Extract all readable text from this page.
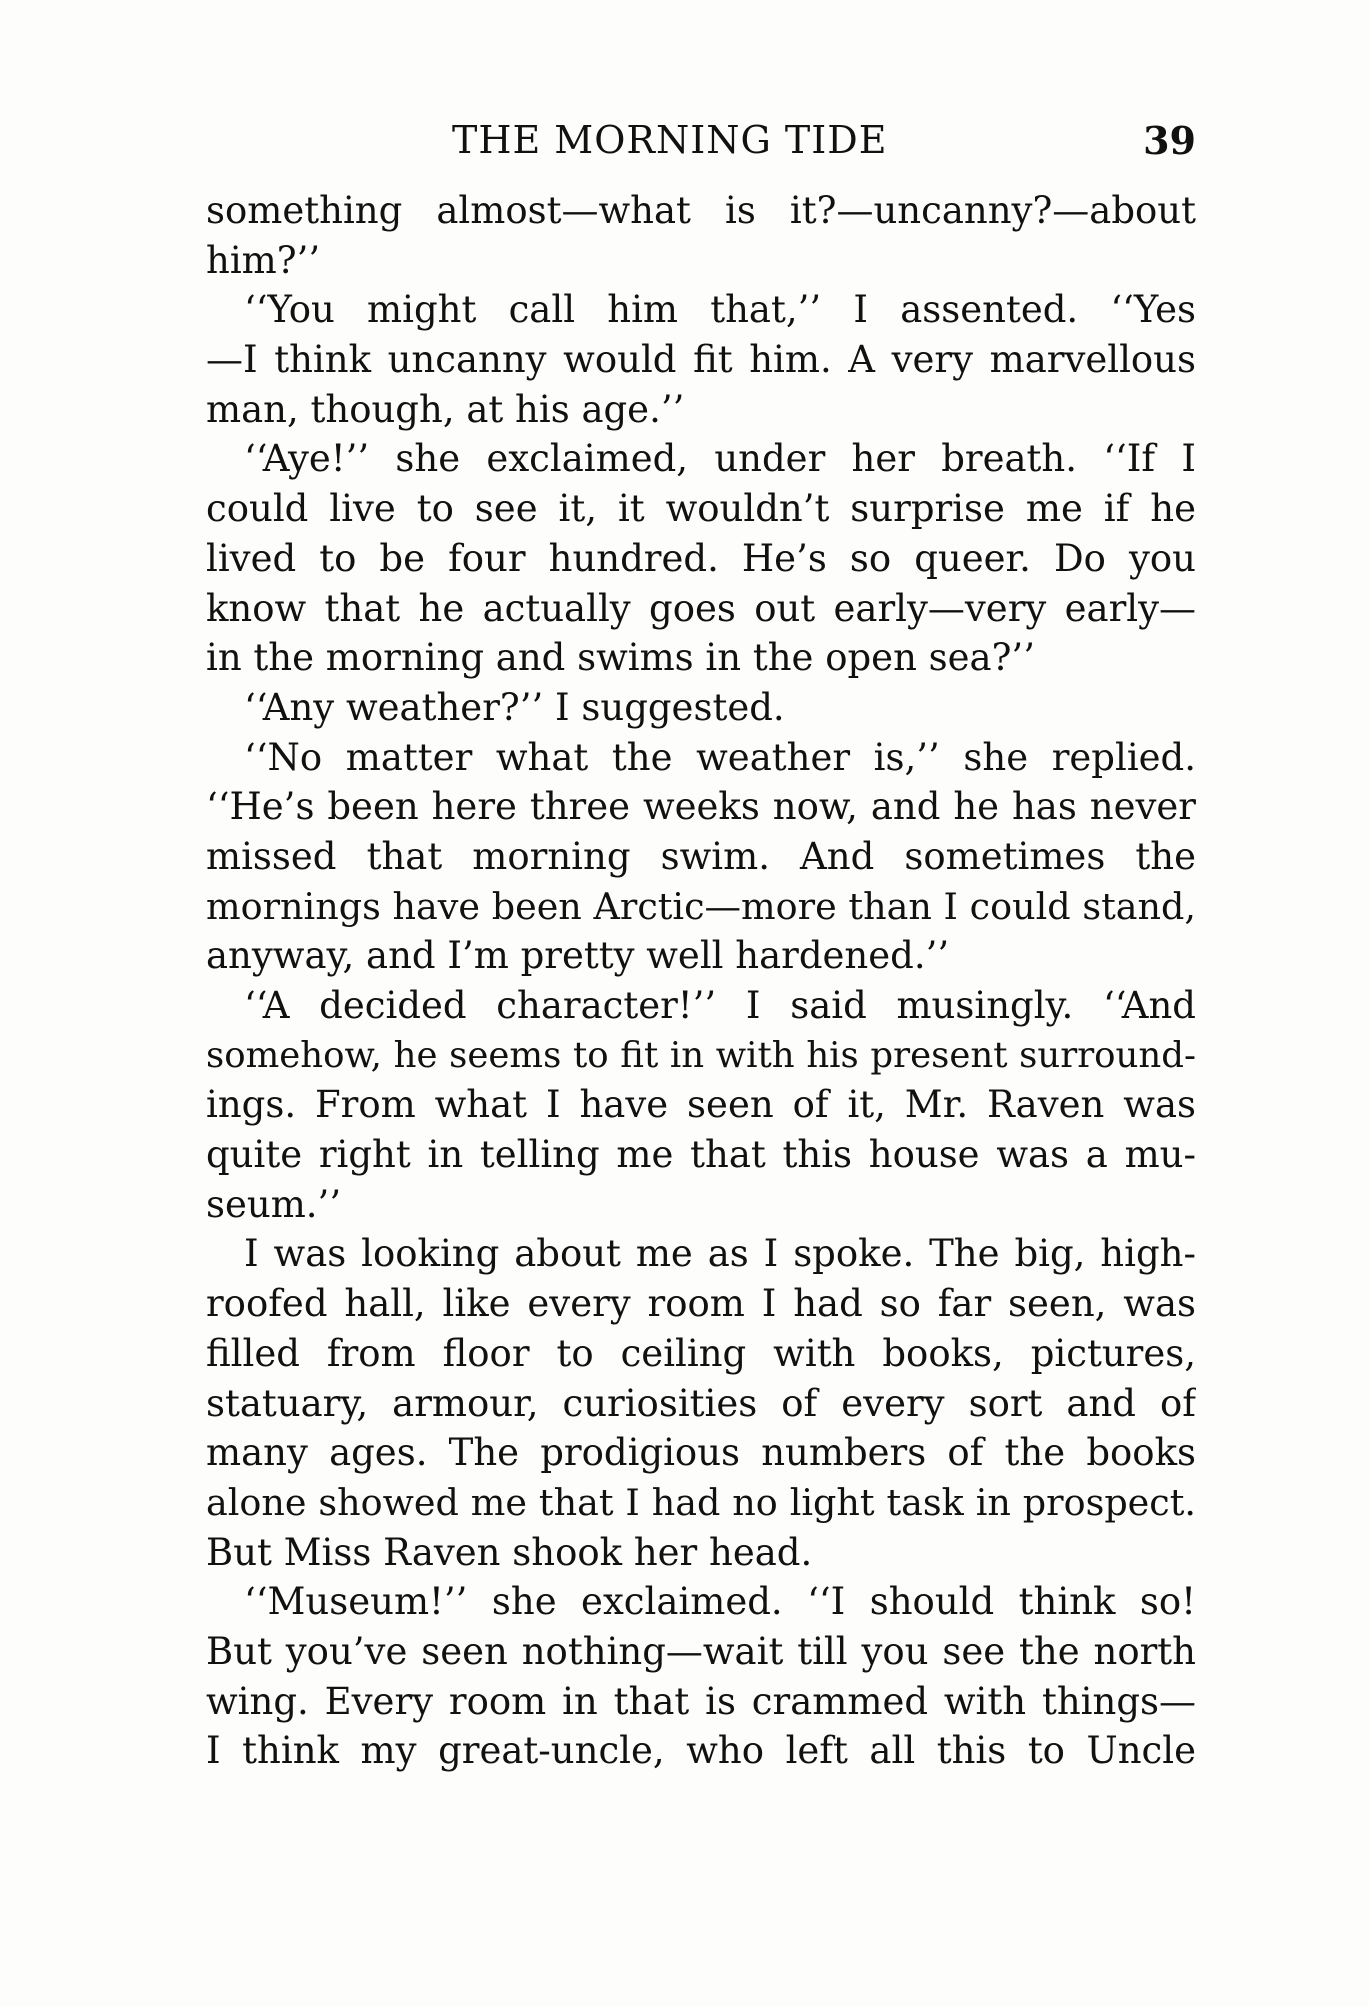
THE MORNING TIDE	39
something almost—what is it?—uncanny?—about
him?’’
‘‘You might call him that,’’ I assented. ‘‘Yes
—I think uncanny would fit him. A very marvellous
man, though, at his age.’’
‘‘Aye!’’ she exclaimed, under her breath. ‘‘If I
could live to see it, it wouldn’t surprise me if he
lived to be four hundred. He’s so queer. Do you
know that he actually goes out early—very early—
in the morning and swims in the open sea?’’
‘‘Any weather?’’ I suggested.
‘‘No matter what the weather is,’’ she replied.
‘‘He’s been here three weeks now, and he has never
missed that morning swim. And sometimes the
mornings have been Arctic—more than I could stand,
anyway, and I’m pretty well hardened.’’
‘‘A decided character!’’ I said musingly. ‘‘And
somehow, he seems to fit in with his present surround-
ings. From what I have seen of it, Mr. Raven was
quite right in telling me that this house was a mu-
seum.’’
I was looking about me as I spoke. The big, high-
roofed hall, like every room I had so far seen, was
filled from floor to ceiling with books, pictures,
statuary, armour, curiosities of every sort and of
many ages. The prodigious numbers of the books
alone showed me that I had no light task in prospect.
But Miss Raven shook her head.
‘‘Museum!’’ she exclaimed. ‘‘I should think so!
But you’ve seen nothing—wait till you see the north
wing. Every room in that is crammed with things—
I think my great-uncle, who left all this to Uncle
